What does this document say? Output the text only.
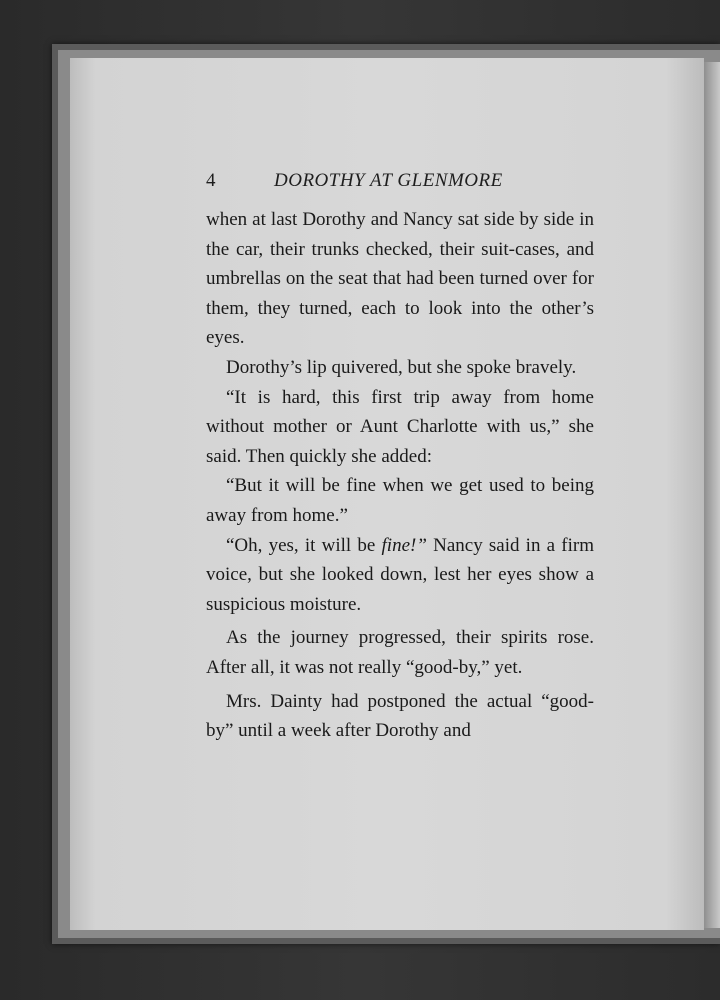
4	DOROTHY AT GLENMORE

when at last Dorothy and Nancy sat side by side in the car, their trunks checked, their suit-cases, and umbrellas on the seat that had been turned over for them, they turned, each to look into the other’s eyes.

Dorothy’s lip quivered, but she spoke bravely.

“It is hard, this first trip away from home without mother or Aunt Charlotte with us,” she said. Then quickly she added:

“But it will be fine when we get used to being away from home.”

“Oh, yes, it will be fine!” Nancy said in a firm voice, but she looked down, lest her eyes show a suspicious moisture.

As the journey progressed, their spirits rose. After all, it was not really “good-by,” yet.

Mrs. Dainty had postponed the actual “good-by” until a week after Dorothy and
